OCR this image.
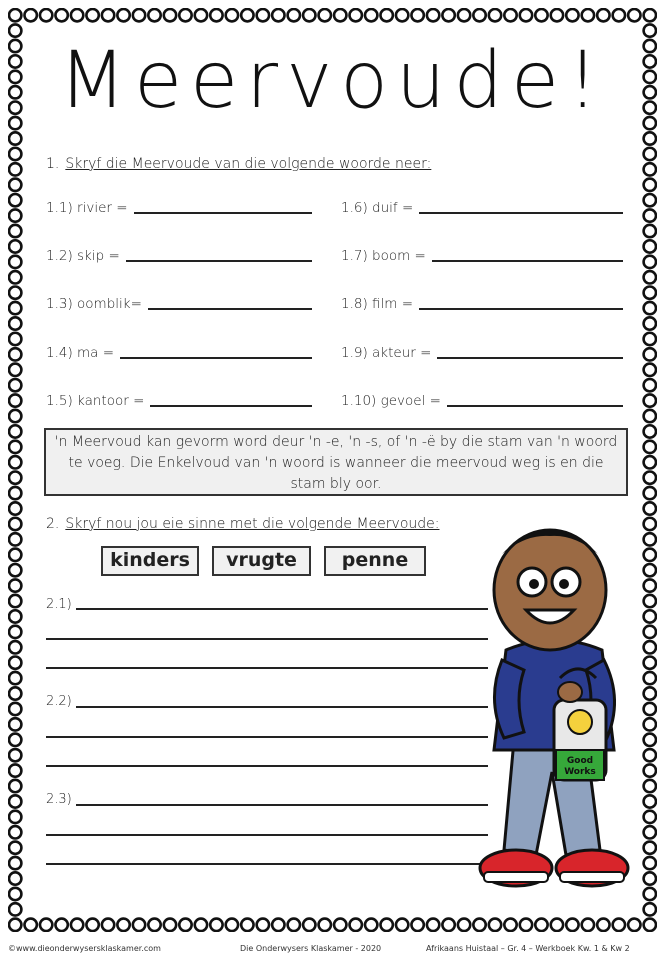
Meervoude!
1. Skryf die Meervoude van die volgende woorde neer:
1.1) rivier =
1.2) skip =
1.3) oomblik=
1.4) ma =
1.5) kantoor =
1.6) duif =
1.7) boom =
1.8) film =
1.9) akteur =
1.10) gevoel =
'n Meervoud kan gevorm word deur 'n -e, 'n -s, of 'n -ë by die stam van 'n woord te voeg. Die Enkelvoud van 'n woord is wanneer die meervoud weg is en die stam bly oor.
2. Skryf nou jou eie sinne met die volgende Meervoude:
kinders	vrugte	penne
2.1)
2.2)
2.3)
Good
Works
©www.dieonderwysersklaskamer.com	Die Onderwysers Klaskamer - 2020	Afrikaans Huistaal – Gr. 4 – Werkboek Kw. 1 & Kw 2
